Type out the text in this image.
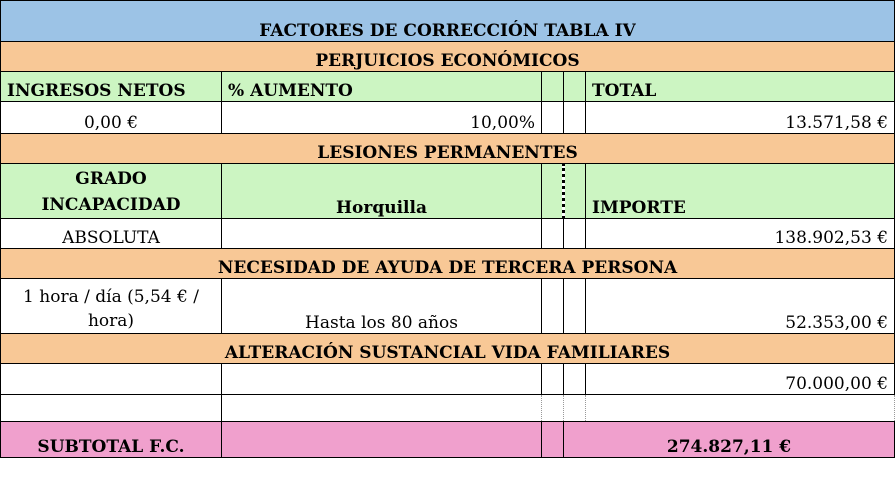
FACTORES DE CORRECCIÓN TABLA IV				
PERJUICIOS ECONÓMICOS				
INGRESOS NETOS	% AUMENTO			TOTAL
0,00 €	10,00%			13.571,58 €
LESIONES PERMANENTES				
GRADO INCAPACIDAD	Horquilla			IMPORTE
ABSOLUTA				138.902,53 €
NECESIDAD DE AYUDA DE TERCERA PERSONA				
1 hora / día (5,54 € / hora)	Hasta los 80 años			52.353,00 €
ALTERACIÓN SUSTANCIAL VIDA FAMILIARES				
				70.000,00 €

SUBTOTAL F.C.			274.827,11 €	
